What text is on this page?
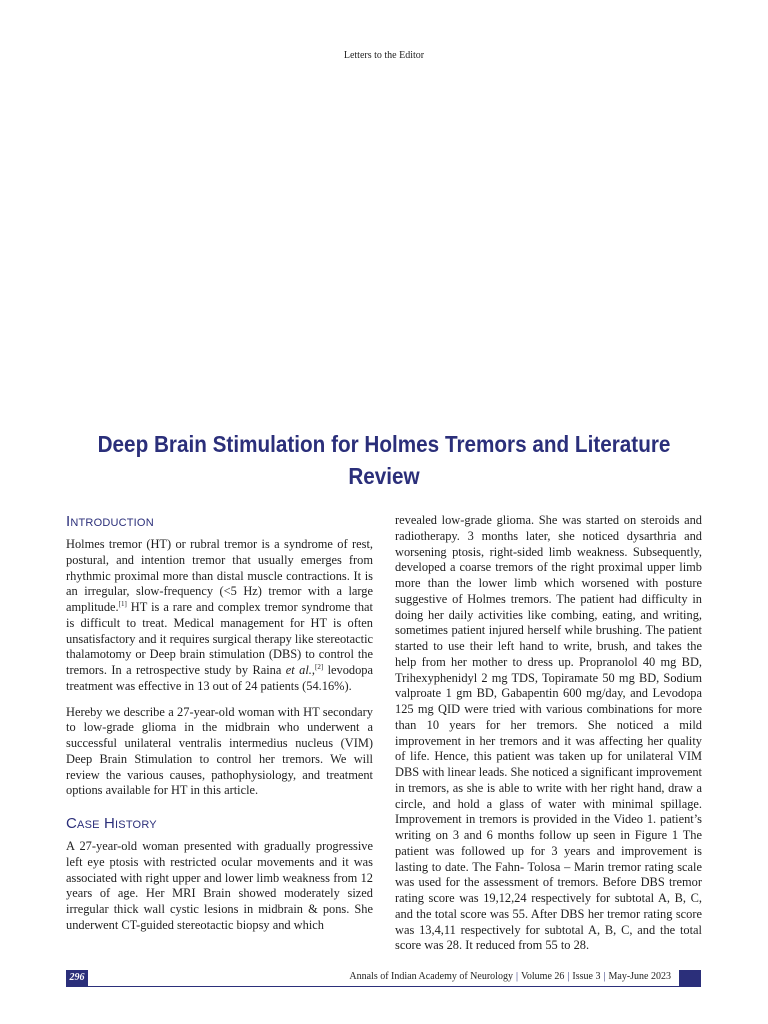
Letters to the Editor
Deep Brain Stimulation for Holmes Tremors and Literature Review
Introduction

Holmes tremor (HT) or rubral tremor is a syndrome of rest, postural, and intention tremor that usually emerges from rhythmic proximal more than distal muscle contractions. It is an irregular, slow-frequency (<5 Hz) tremor with a large amplitude.[1] HT is a rare and complex tremor syndrome that is difficult to treat. Medical management for HT is often unsatisfactory and it requires surgical therapy like stereotactic thalamotomy or Deep brain stimulation (DBS) to control the tremors. In a retrospective study by Raina et al.,[2] levodopa treatment was effective in 13 out of 24 patients (54.16%).

Hereby we describe a 27-year-old woman with HT secondary to low-grade glioma in the midbrain who underwent a successful unilateral ventralis intermedius nucleus (VIM) Deep Brain Stimulation to control her tremors. We will review the various causes, pathophysiology, and treatment options available for HT in this article.

Case History

A 27-year-old woman presented with gradually progressive left eye ptosis with restricted ocular movements and it was associated with right upper and lower limb weakness from 12 years of age. Her MRI Brain showed moderately sized irregular thick wall cystic lesions in midbrain & pons. She underwent CT-guided stereotactic biopsy and which

revealed low-grade glioma. She was started on steroids and radiotherapy. 3 months later, she noticed dysarthria and worsening ptosis, right-sided limb weakness. Subsequently, developed a coarse tremors of the right proximal upper limb more than the lower limb which worsened with posture suggestive of Holmes tremors. The patient had difficulty in doing her daily activities like combing, eating, and writing, sometimes patient injured herself while brushing. The patient started to use their left hand to write, brush, and takes the help from her mother to dress up. Propranolol 40 mg BD, Trihexyphenidyl 2 mg TDS, Topiramate 50 mg BD, Sodium valproate 1 gm BD, Gabapentin 600 mg/day, and Levodopa 125 mg QID were tried with various combinations for more than 10 years for her tremors. She noticed a mild improvement in her tremors and it was affecting her quality of life. Hence, this patient was taken up for unilateral VIM DBS with linear leads. She noticed a significant improvement in tremors, as she is able to write with her right hand, draw a circle, and hold a glass of water with minimal spillage. Improvement in tremors is provided in the Video 1. patient’s writing on 3 and 6 months follow up seen in Figure 1 The patient was followed up for 3 years and improvement is lasting to date. The Fahn- Tolosa – Marin tremor rating scale was used for the assessment of tremors. Before DBS tremor rating score was 19,12,24 respectively for subtotal A, B, C, and the total score was 55. After DBS her tremor rating score was 13,4,11 respectively for subtotal A, B, C, and the total score was 28. It reduced from 55 to 28.

296	Annals of Indian Academy of Neurology | Volume 26 | Issue 3 | May-June 2023
